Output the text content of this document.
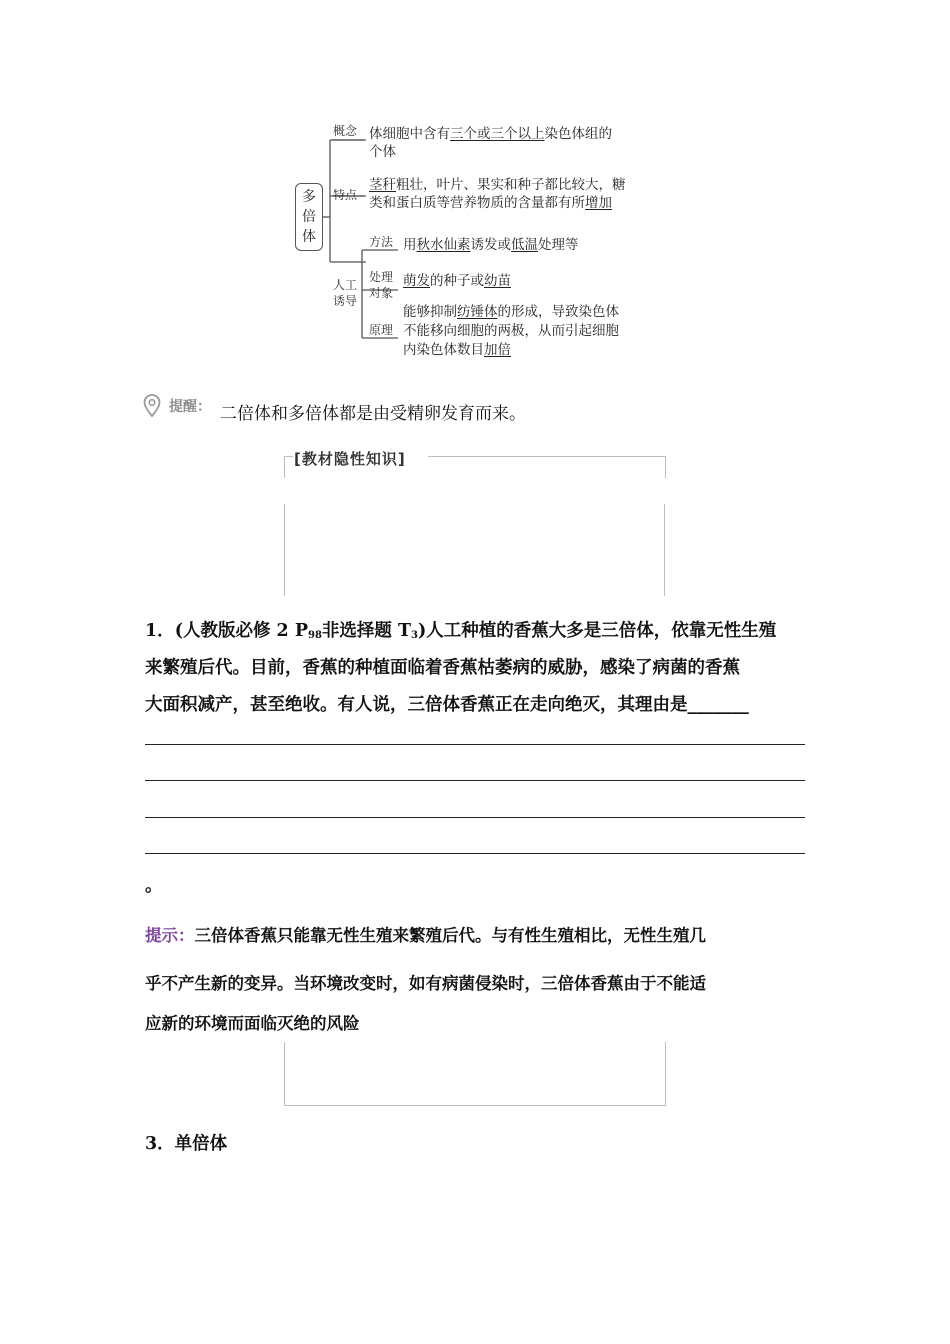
多倍体
概念 体细胞中含有三个或三个以上染色体组的
个体
特点
茎秆粗壮，叶片、果实和种子都比较大，糖
类和蛋白质等营养物质的含量都有所增加
人工
诱导
方法 用秋水仙素诱发或低温处理等
处理
对象
萌发的种子或幼苗
原理
能够抑制纺锤体的形成，导致染色体
不能移向细胞的两极，从而引起细胞
内染色体数目加倍
提醒： 二倍体和多倍体都是由受精卵发育而来。
[教材隐性知识]
1．(人教版必修 2 $P_{98}$非选择题 $T_3$)人工种植的香蕉大多是三倍体，依靠无性生殖
来繁殖后代。目前，香蕉的种植面临着香蕉枯萎病的威胁，感染了病菌的香蕉
大面积减产，甚至绝收。有人说，三倍体香蕉正在走向绝灭，其理由是_______
。
提示：三倍体香蕉只能靠无性生殖来繁殖后代。与有性生殖相比，无性生殖几
乎不产生新的变异。当环境改变时，如有病菌侵染时，三倍体香蕉由于不能适
应新的环境而面临灭绝的风险
3．单倍体
